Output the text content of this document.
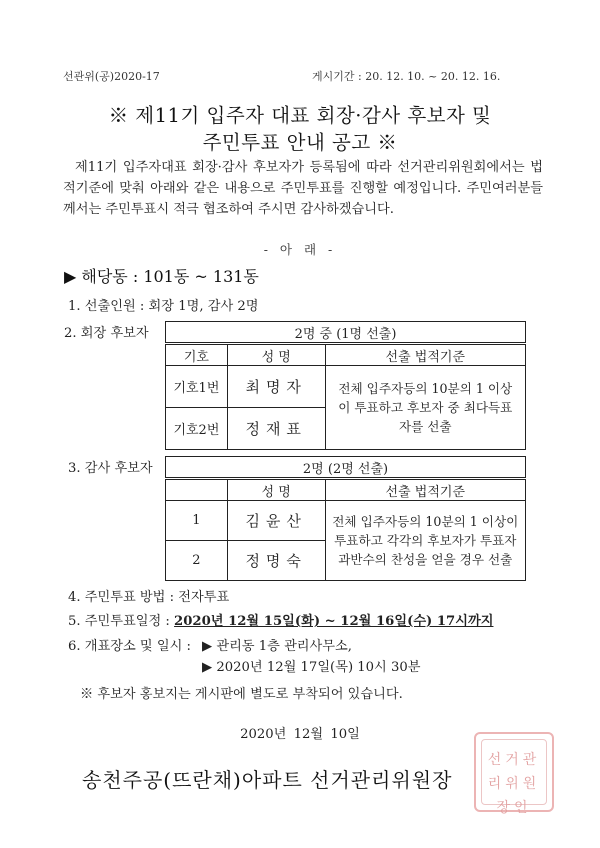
선관위(공)2020-17	게시기간 : 20. 12. 10. ~ 20. 12. 16.
※ 제11기 입주자 대표 회장·감사 후보자 및
주민투표 안내 공고 ※

제11기 입주자대표 회장·감사 후보자가 등록됨에 따라 선거관리위원회에서는 법적기준에 맞춰 아래와 같은 내용으로 주민투표를 진행할 예정입니다. 주민여러분들께서는 주민투표시 적극 협조하여 주시면 감사하겠습니다.

- 아 래 -
▶ 해당동 : 101동 ~ 131동
1. 선출인원 : 회장 1명, 감사 2명
2. 회장 후보자	2명 중 (1명 선출)		
기호	성 명	선출 법적기준
기호1번	최명자	전체 입주자등의 10분의 1 이상이 투표하고 후보자 중 최다득표자를 선출

기호2번	정재표	
3. 감사 후보자	2명 (2명 선출)		
	성 명	선출 법적기준
1	김윤산	전체 입주자등의 10분의 1 이상이 투표하고 각각의 후보자가 투표자 과반수의 찬성을 얻을 경우 선출

2	정명숙	
4. 주민투표 방법 : 전자투표
5. 주민투표일정 : 2020년 12월 15일(화) ~ 12월 16일(수) 17시까지
6. 개표장소 및 일시 : ▶ 관리동 1층 관리사무소,
▶ 2020년 12월 17일(목) 10시 30분
※ 후보자 홍보지는 게시판에 별도로 부착되어 있습니다.
2020년 12월 10일
선거관리위원장인
송천주공(뜨란채)아파트 선거관리위원장
